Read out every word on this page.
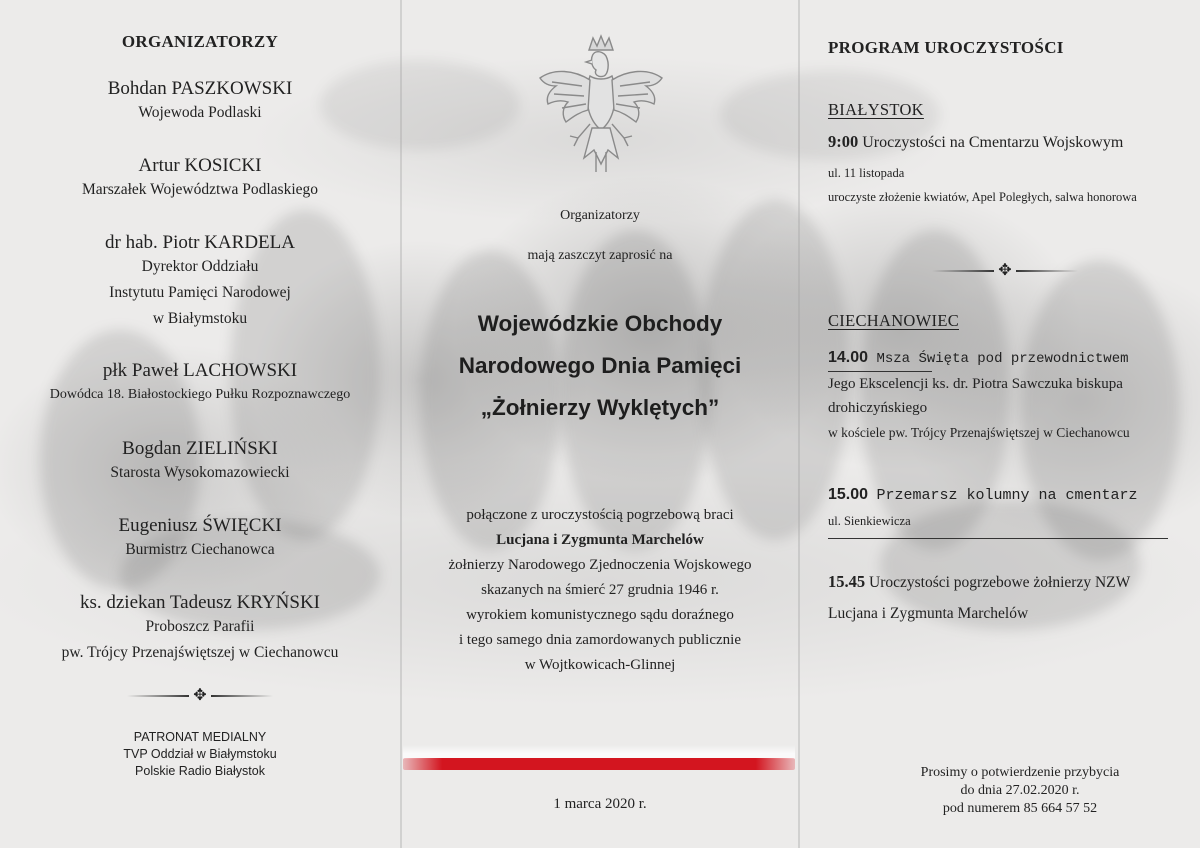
ORGANIZATORZY
Bohdan PASZKOWSKI
Wojewoda Podlaski
Artur KOSICKI
Marszałek Województwa Podlaskiego
dr hab. Piotr KARDELA
Dyrektor Oddziału
Instytutu Pamięci Narodowej
w Białymstoku
płk Paweł LACHOWSKI
Dowódca 18. Białostockiego Pułku Rozpoznawczego
Bogdan ZIELIŃSKI
Starosta Wysokomazowiecki
Eugeniusz ŚWIĘCKI
Burmistrz Ciechanowca
ks. dziekan Tadeusz KRYŃSKI
Proboszcz Parafii
pw. Trójcy Przenajświętszej w Ciechanowcu
✥
PATRONAT MEDIALNY
TVP Oddział w Białymstoku
Polskie Radio Białystok
Organizatorzy
mają zaszczyt zaprosić na
Wojewódzkie Obchody
Narodowego Dnia Pamięci
„Żołnierzy Wyklętych”
połączone z uroczystością pogrzebową braci
Lucjana i Zygmunta Marchelów
żołnierzy Narodowego Zjednoczenia Wojskowego
skazanych na śmierć 27 grudnia 1946 r.
wyrokiem komunistycznego sądu doraźnego
i tego samego dnia zamordowanych publicznie
w Wojtkowicach-Glinnej
1 marca 2020 r.
PROGRAM UROCZYSTOŚCI
BIAŁYSTOK
9:00 Uroczystości na Cmentarzu Wojskowym
ul. 11 listopada
uroczyste złożenie kwiatów, Apel Poległych, salwa honorowa
✥
CIECHANOWIEC
14.00 Msza Święta pod przewodnictwem
Jego Ekscelencji ks. dr. Piotra Sawczuka biskupa
drohiczyńskiego
w kościele pw. Trójcy Przenajświętszej w Ciechanowcu
15.00 Przemarsz kolumny na cmentarz
ul. Sienkiewicza
15.45 Uroczystości pogrzebowe żołnierzy NZW
Lucjana i Zygmunta Marchelów
Prosimy o potwierdzenie przybycia
do dnia 27.02.2020 r.
pod numerem 85 664 57 52
